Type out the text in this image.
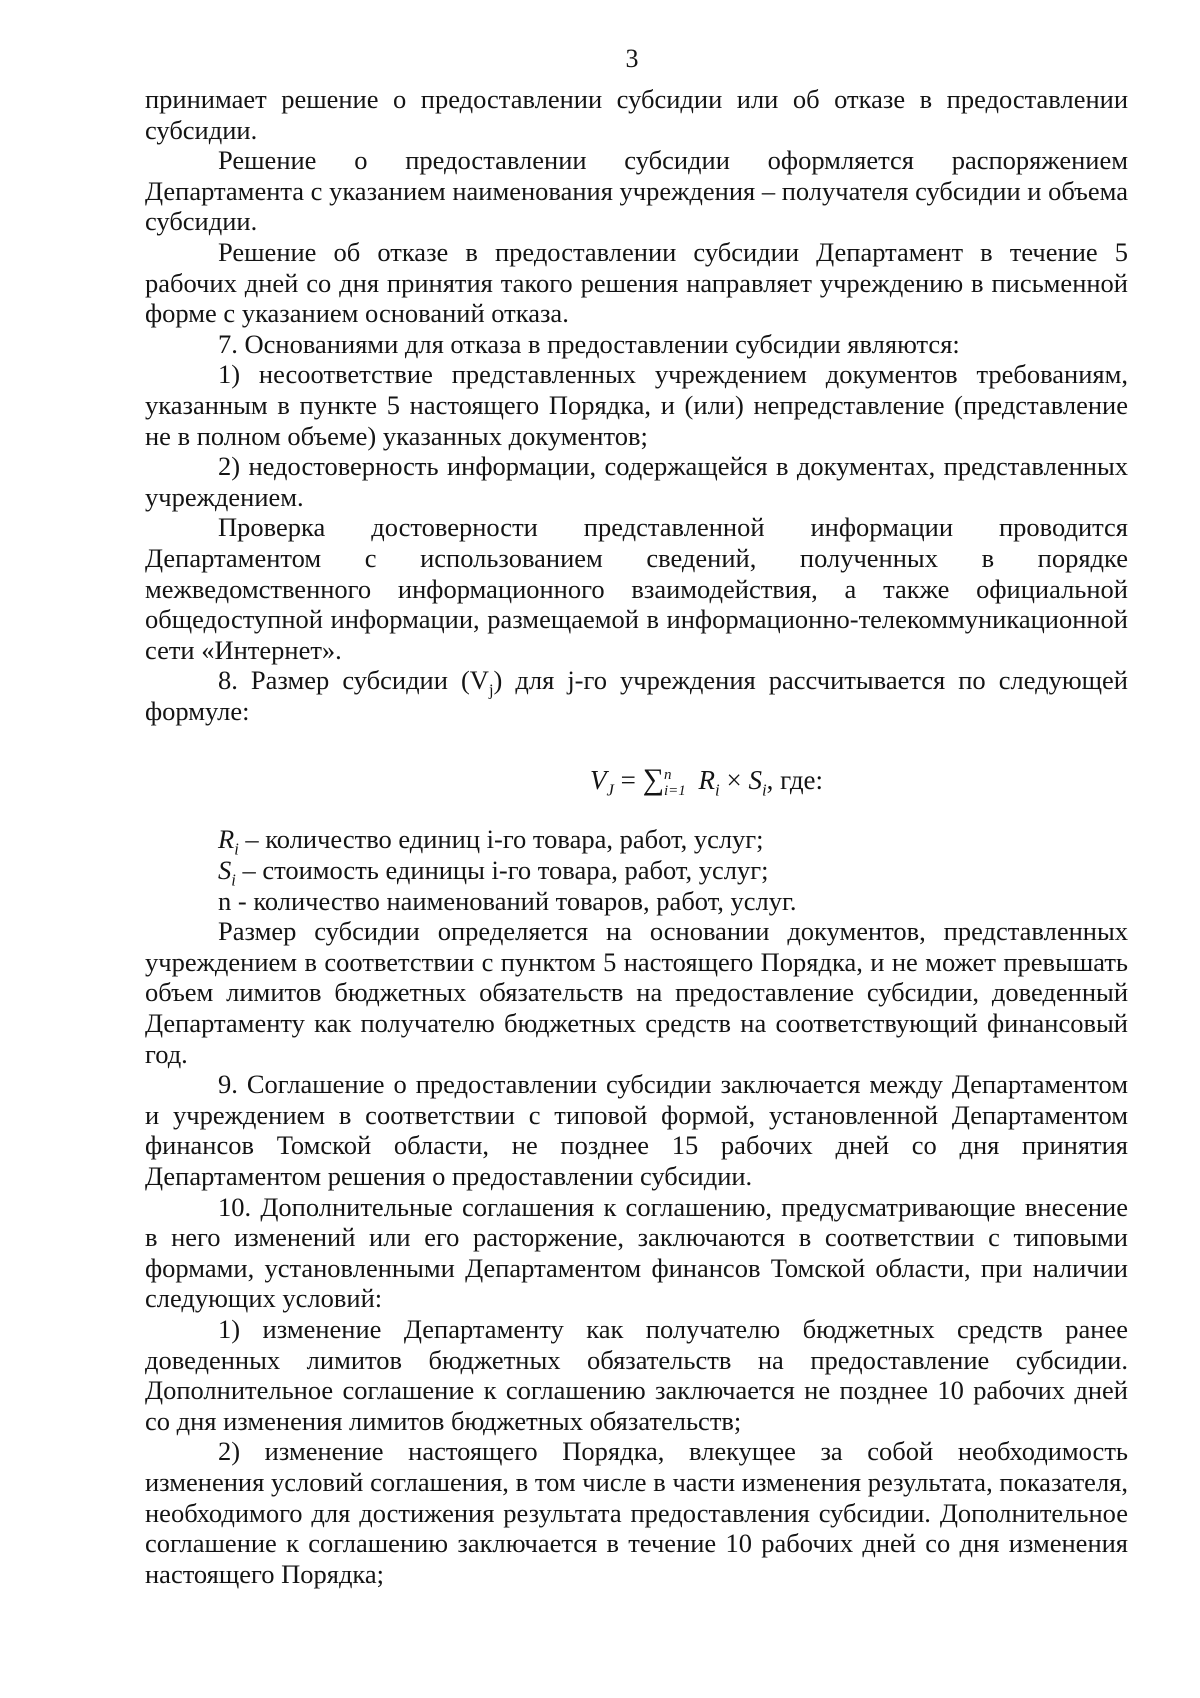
3

принимает решение о предоставлении субсидии или об отказе в предоставлении субсидии.

Решение о предоставлении субсидии оформляется распоряжением Департамента с указанием наименования учреждения – получателя субсидии и объема субсидии.

Решение об отказе в предоставлении субсидии Департамент в течение 5 рабочих дней со дня принятия такого решения направляет учреждению в письменной форме с указанием оснований отказа.

7. Основаниями для отказа в предоставлении субсидии являются:

1) несоответствие представленных учреждением документов требованиям, указанным в пункте 5 настоящего Порядка, и (или) непредставление (представление не в полном объеме) указанных документов;

2) недостоверность информации, содержащейся в документах, представленных учреждением.

Проверка достоверности представленной информации проводится Департаментом с использованием сведений, полученных в порядке межведомственного информационного взаимодействия, а также официальной общедоступной информации, размещаемой в информационно-телекоммуникационной сети «Интернет».

8. Размер субсидии $(V_j)$ для j-го учреждения рассчитывается по следующей формуле:

$V_J = \sum n$
i=1 $R_i \times S_i$, где:
$R_i$ – количество единиц i-го товара, работ, услуг;
$S_i$ – стоимость единицы i-го товара, работ, услуг;
n - количество наименований товаров, работ, услуг.

Размер субсидии определяется на основании документов, представленных учреждением в соответствии с пунктом 5 настоящего Порядка, и не может превышать объем лимитов бюджетных обязательств на предоставление субсидии, доведенный Департаменту как получателю бюджетных средств на соответствующий финансовый год.

9. Соглашение о предоставлении субсидии заключается между Департаментом и учреждением в соответствии с типовой формой, установленной Департаментом финансов Томской области, не позднее 15 рабочих дней со дня принятия Департаментом решения о предоставлении субсидии.

10. Дополнительные соглашения к соглашению, предусматривающие внесение в него изменений или его расторжение, заключаются в соответствии с типовыми формами, установленными Департаментом финансов Томской области, при наличии следующих условий:

1) изменение Департаменту как получателю бюджетных средств ранее доведенных лимитов бюджетных обязательств на предоставление субсидии. Дополнительное соглашение к соглашению заключается не позднее 10 рабочих дней со дня изменения лимитов бюджетных обязательств;

2) изменение настоящего Порядка, влекущее за собой необходимость изменения условий соглашения, в том числе в части изменения результата, показателя, необходимого для достижения результата предоставления субсидии. Дополнительное соглашение к соглашению заключается в течение 10 рабочих дней со дня изменения настоящего Порядка;
